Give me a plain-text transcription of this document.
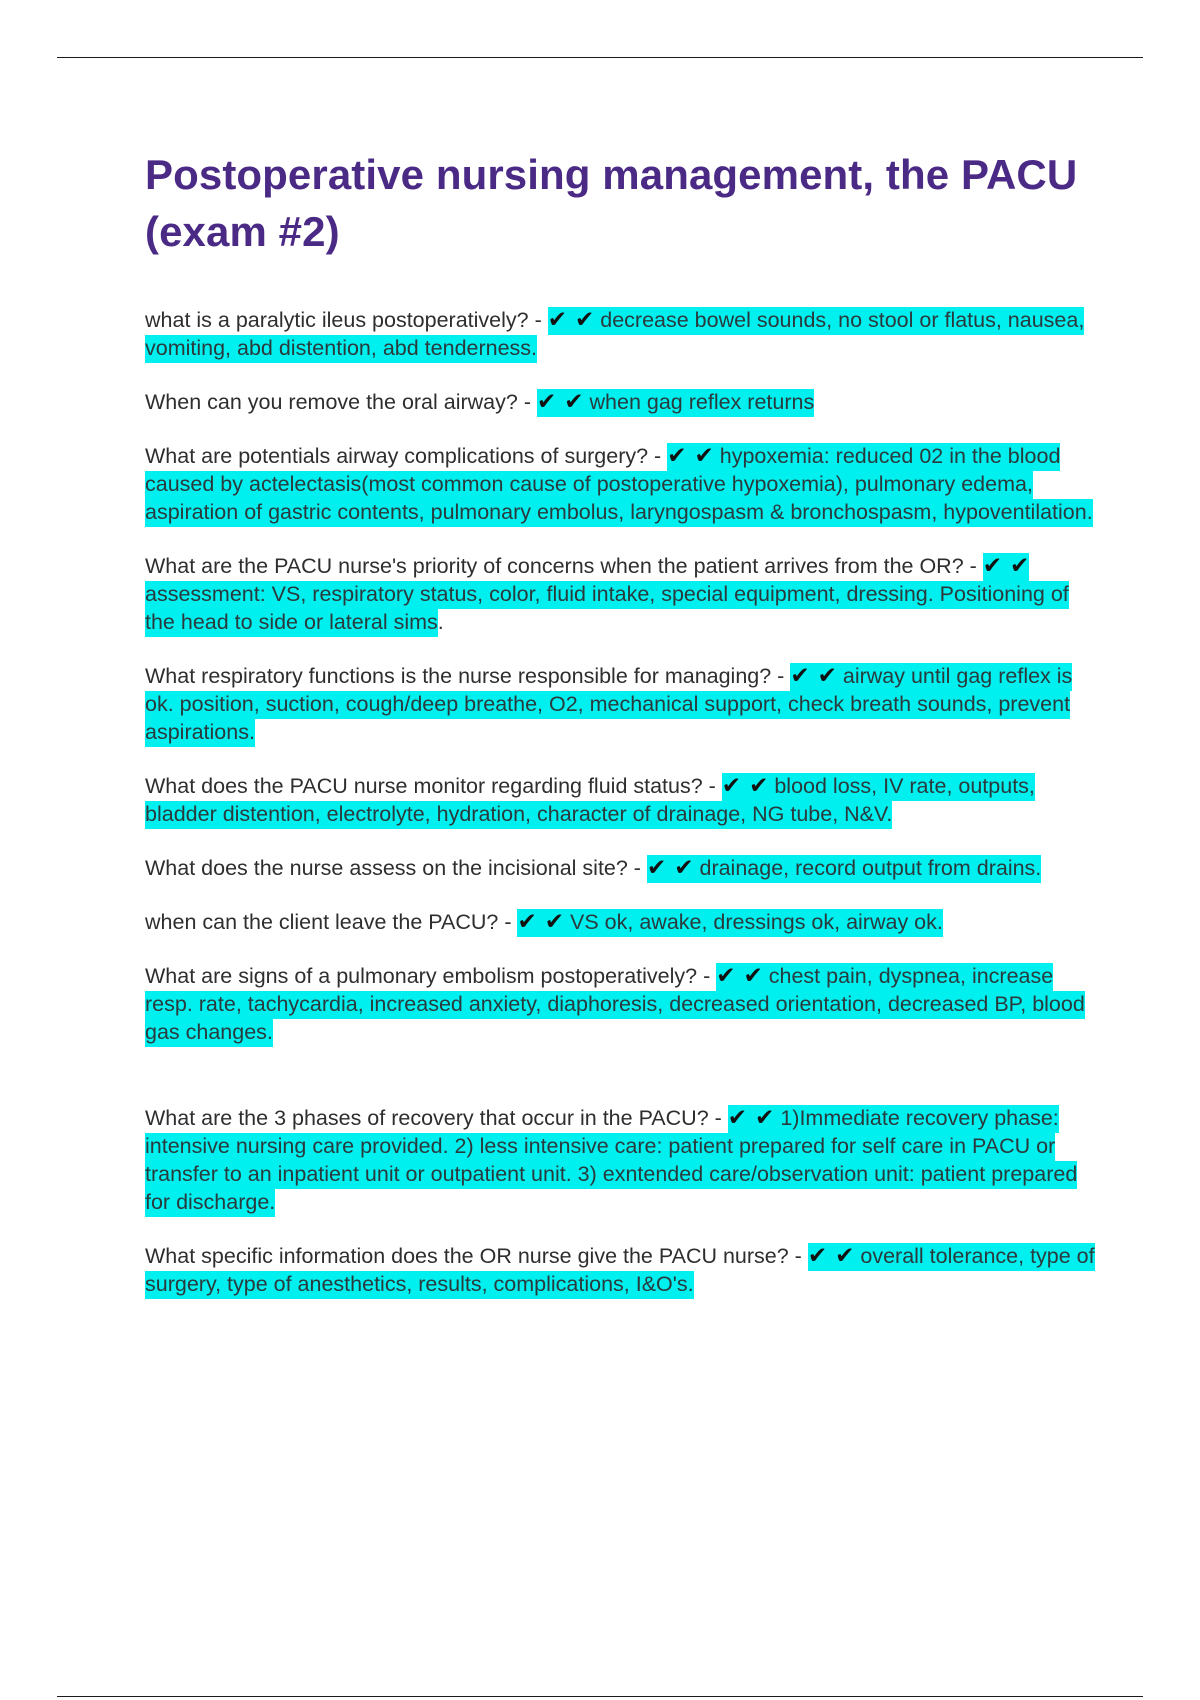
Postoperative nursing management, the PACU (exam #2)

what is a paralytic ileus postoperatively? - ✔ ✔ decrease bowel sounds, no stool or flatus, nausea, vomiting, abd distention, abd tenderness.

When can you remove the oral airway? - ✔ ✔ when gag reflex returns

What are potentials airway complications of surgery? - ✔ ✔ hypoxemia: reduced 02 in the blood caused by actelectasis(most common cause of postoperative hypoxemia), pulmonary edema, aspiration of gastric contents, pulmonary embolus, laryngospasm & bronchospasm, hypoventilation.

What are the PACU nurse's priority of concerns when the patient arrives from the OR? - ✔ ✔ assessment: VS, respiratory status, color, fluid intake, special equipment, dressing. Positioning of the head to side or lateral sims.

What respiratory functions is the nurse responsible for managing? - ✔ ✔ airway until gag reflex is ok. position, suction, cough/deep breathe, O2, mechanical support, check breath sounds, prevent aspirations.

What does the PACU nurse monitor regarding fluid status? - ✔ ✔ blood loss, IV rate, outputs, bladder distention, electrolyte, hydration, character of drainage, NG tube, N&V.

What does the nurse assess on the incisional site? - ✔ ✔ drainage, record output from drains.

when can the client leave the PACU? - ✔ ✔ VS ok, awake, dressings ok, airway ok.

What are signs of a pulmonary embolism postoperatively? - ✔ ✔ chest pain, dyspnea, increase resp. rate, tachycardia, increased anxiety, diaphoresis, decreased orientation, decreased BP, blood gas changes.

What are the 3 phases of recovery that occur in the PACU? - ✔ ✔ 1)Immediate recovery phase: intensive nursing care provided. 2) less intensive care: patient prepared for self care in PACU or transfer to an inpatient unit or outpatient unit. 3) exntended care/observation unit: patient prepared for discharge.

What specific information does the OR nurse give the PACU nurse? - ✔ ✔ overall tolerance, type of surgery, type of anesthetics, results, complications, I&O's.
